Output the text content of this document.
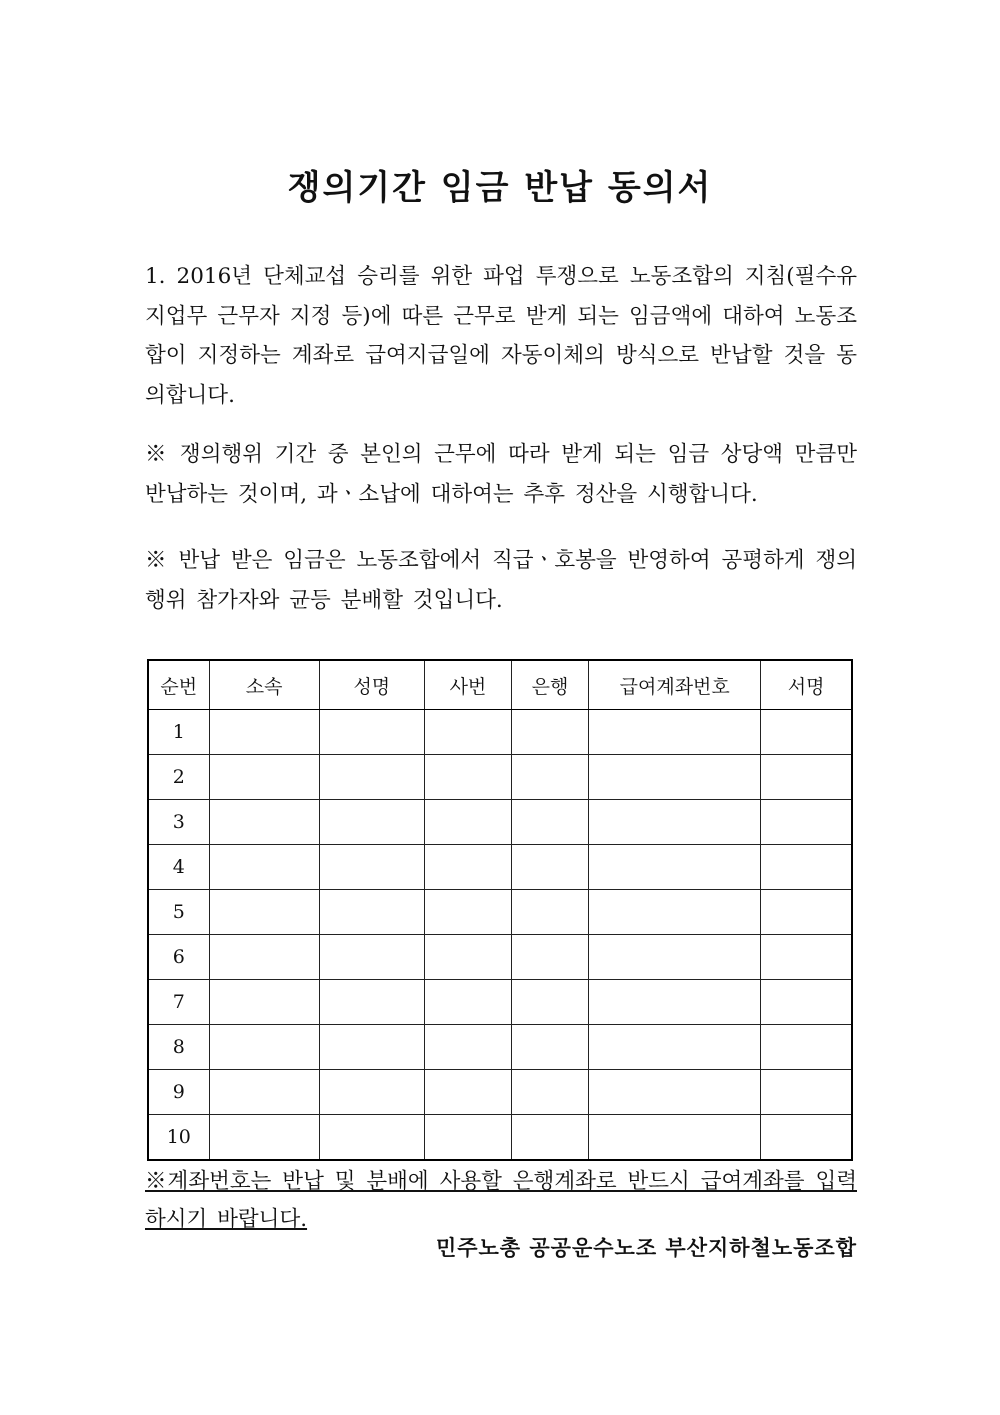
쟁의기간 임금 반납 동의서

1. 2016년 단체교섭 승리를 위한 파업 투쟁으로 노동조합의 지침(필수유지업무 근무자 지정 등)에 따른 근무로 받게 되는 임금액에 대하여 노동조합이 지정하는 계좌로 급여지급일에 자동이체의 방식으로 반납할 것을 동의합니다.

※ 쟁의행위 기간 중 본인의 근무에 따라 받게 되는 임금 상당액 만큼만 반납하는 것이며, 과ㆍ소납에 대하여는 추후 정산을 시행합니다.

※ 반납 받은 임금은 노동조합에서 직급ㆍ호봉을 반영하여 공평하게 쟁의행위 참가자와 균등 분배할 것입니다.

순번	소속	성명	사번	은행	급여계좌번호	서명
1						
2						
3						
4						
5						
6						
7						
8						
9						
10						

※계좌번호는 반납 및 분배에 사용할 은행계좌로 반드시 급여계좌를 입력하시기 바랍니다.

민주노총 공공운수노조 부산지하철노동조합
